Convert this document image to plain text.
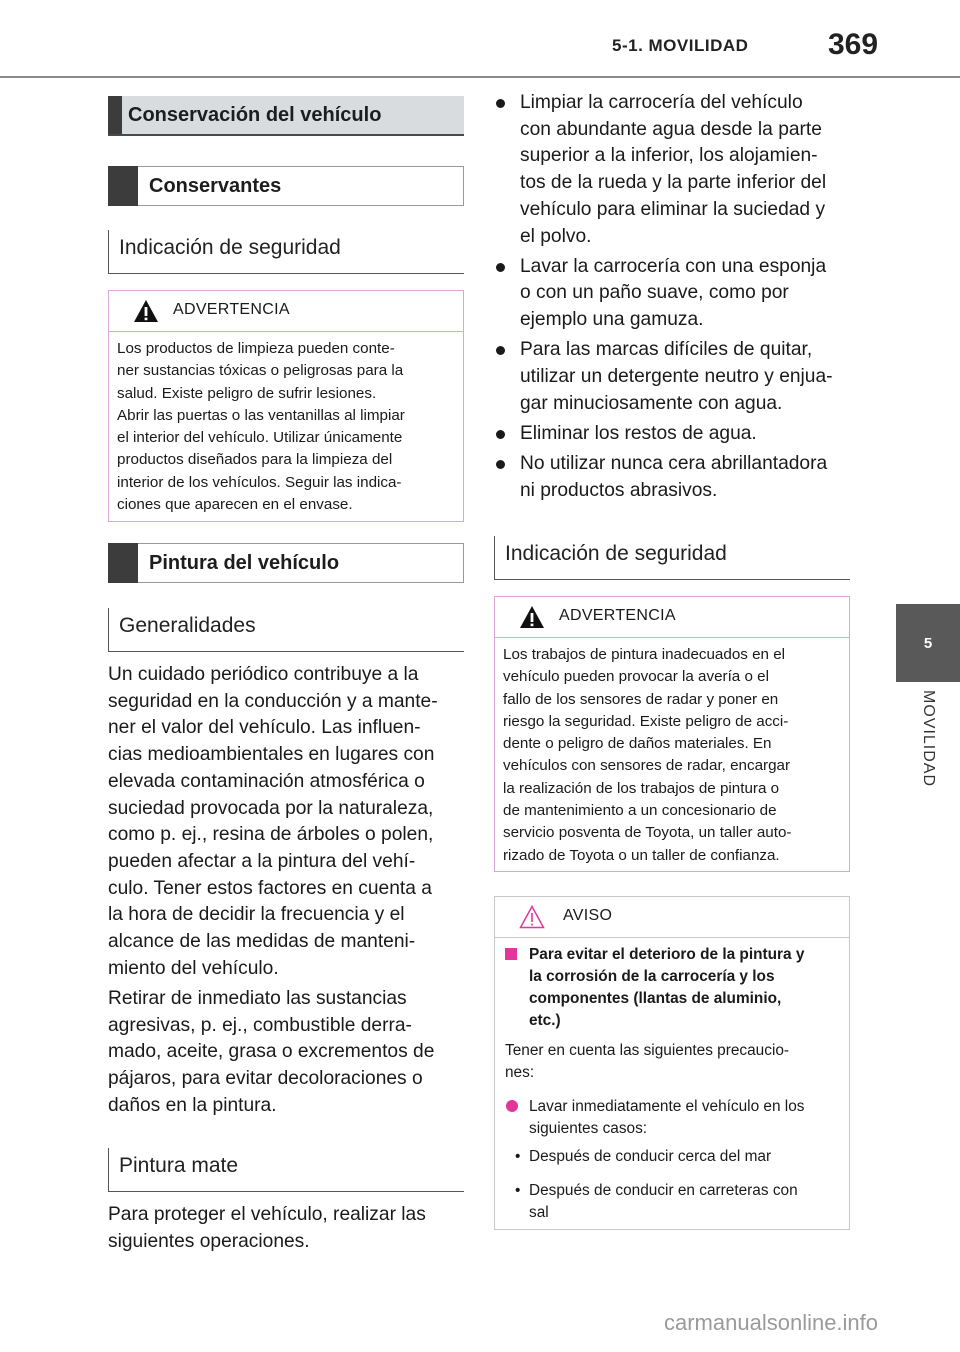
5-1. MOVILIDAD	369
5
MOVILIDAD
Conservación del vehículo
Conservantes
Indicación de seguridad
ADVERTENCIA
Los productos de limpieza pueden conte-
ner sustancias tóxicas o peligrosas para la
salud. Existe peligro de sufrir lesiones.
Abrir las puertas o las ventanillas al limpiar
el interior del vehículo. Utilizar únicamente
productos diseñados para la limpieza del
interior de los vehículos. Seguir las indica-
ciones que aparecen en el envase.
Pintura del vehículo
Generalidades
Un cuidado periódico contribuye a la
seguridad en la conducción y a mante-
ner el valor del vehículo. Las influen-
cias medioambientales en lugares con
elevada contaminación atmosférica o
suciedad provocada por la naturaleza,
como p. ej., resina de árboles o polen,
pueden afectar a la pintura del vehí-
culo. Tener estos factores en cuenta a
la hora de decidir la frecuencia y el
alcance de las medidas de manteni-
miento del vehículo.
Retirar de inmediato las sustancias
agresivas, p. ej., combustible derra-
mado, aceite, grasa o excrementos de
pájaros, para evitar decoloraciones o
daños en la pintura.
Pintura mate
Para proteger el vehículo, realizar las
siguientes operaciones.
Limpiar la carrocería del vehículo
con abundante agua desde la parte
superior a la inferior, los alojamien-
tos de la rueda y la parte inferior del
vehículo para eliminar la suciedad y
el polvo.
Lavar la carrocería con una esponja
o con un paño suave, como por
ejemplo una gamuza.
Para las marcas difíciles de quitar,
utilizar un detergente neutro y enjua-
gar minuciosamente con agua.
Eliminar los restos de agua.
No utilizar nunca cera abrillantadora
ni productos abrasivos.
Indicación de seguridad
ADVERTENCIA
Los trabajos de pintura inadecuados en el
vehículo pueden provocar la avería o el
fallo de los sensores de radar y poner en
riesgo la seguridad. Existe peligro de acci-
dente o peligro de daños materiales. En
vehículos con sensores de radar, encargar
la realización de los trabajos de pintura o
de mantenimiento a un concesionario de
servicio posventa de Toyota, un taller auto-
rizado de Toyota o un taller de confianza.
AVISO
Para evitar el deterioro de la pintura y
la corrosión de la carrocería y los
componentes (llantas de aluminio,
etc.)
Tener en cuenta las siguientes precaucio-
nes:
Lavar inmediatamente el vehículo en los
siguientes casos:
• Después de conducir cerca del mar
• Después de conducir en carreteras con
sal
carmanualsonline.info
